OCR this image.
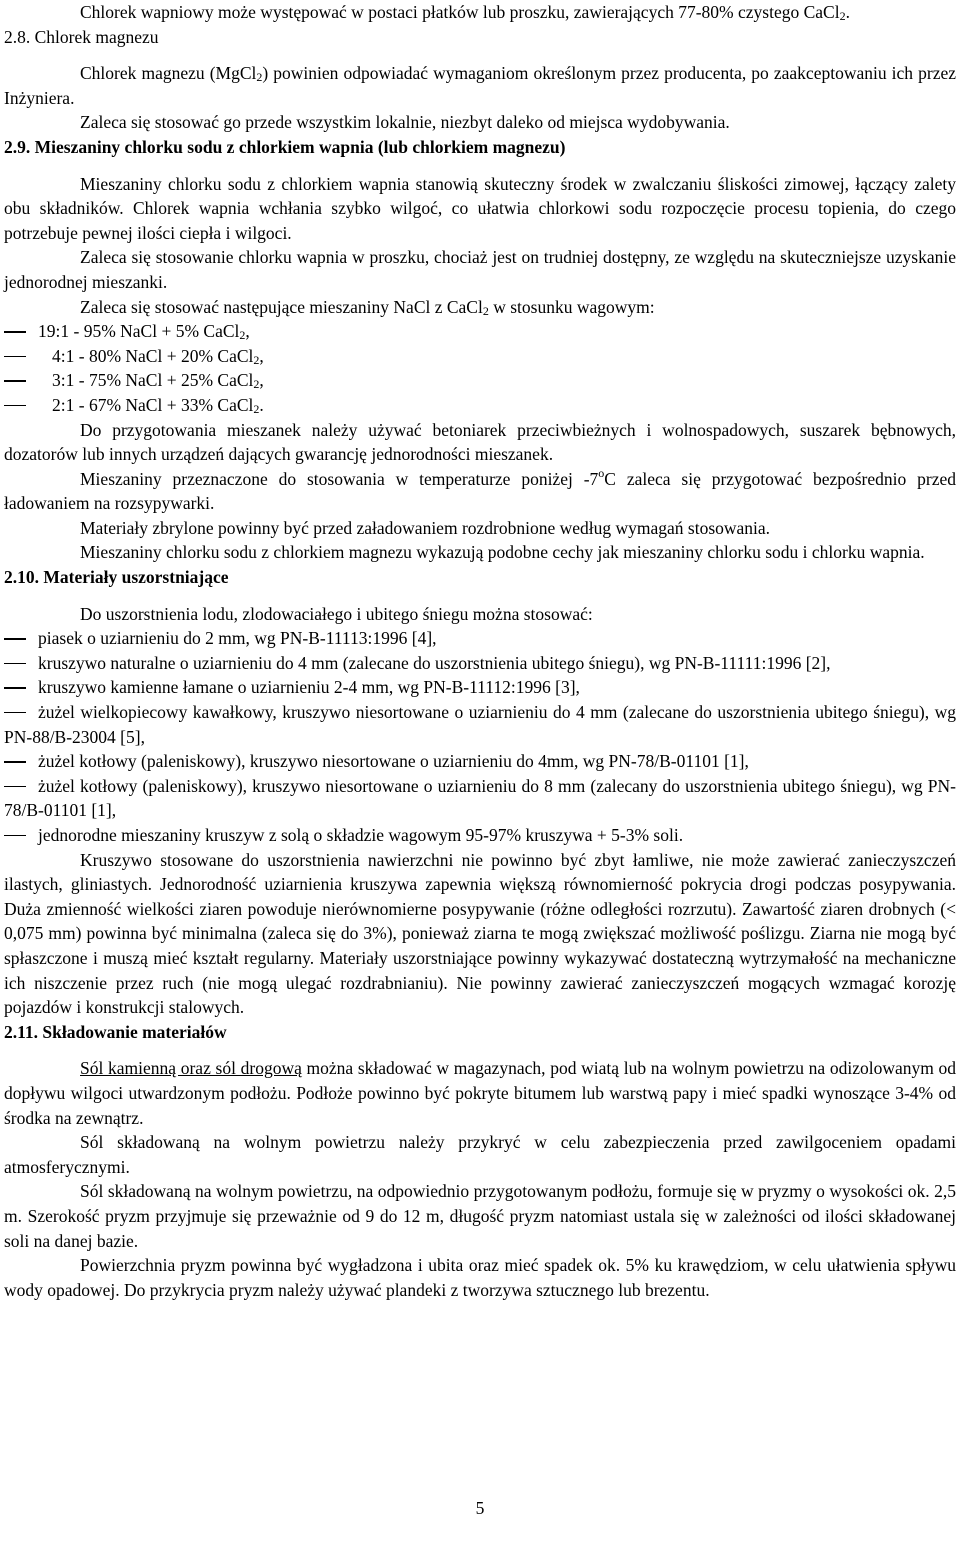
Chlorek wapniowy może występować w postaci płatków lub proszku, zawierających 77-80% czystego CaCl2.

2.8. Chlorek magnezu

Chlorek magnezu (MgCl2) powinien odpowiadać wymaganiom określonym przez producenta, po zaakceptowaniu ich przez Inżyniera.

Zaleca się stosować go przede wszystkim lokalnie, niezbyt daleko od miejsca wydobywania.

2.9. Mieszaniny chlorku sodu z chlorkiem wapnia (lub chlorkiem magnezu)

Mieszaniny chlorku sodu z chlorkiem wapnia stanowią skuteczny środek w zwalczaniu śliskości zimowej, łączący zalety obu składników. Chlorek wapnia wchłania szybko wilgoć, co ułatwia chlorkowi sodu rozpoczęcie procesu topienia, do czego potrzebuje pewnej ilości ciepła i wilgoci.

Zaleca się stosowanie chlorku wapnia w proszku, chociaż jest on trudniej dostępny, ze względu na skuteczniejsze uzyskanie jednorodnej mieszanki.

Zaleca się stosować następujące mieszaniny NaCl z CaCl2 w stosunku wagowym:

19:1 - 95% NaCl + 5% CaCl2,
4:1 - 80% NaCl + 20% CaCl2,
3:1 - 75% NaCl + 25% CaCl2,
2:1 - 67% NaCl + 33% CaCl2.

Do przygotowania mieszanek należy używać betoniarek przeciwbieżnych i wolnospadowych, suszarek bębnowych, dozatorów lub innych urządzeń dających gwarancję jednorodności mieszanek.

Mieszaniny przeznaczone do stosowania w temperaturze poniżej -7$^o$C zaleca się przygotować bezpośrednio przed ładowaniem na rozsypywarki.

Materiały zbrylone powinny być przed załadowaniem rozdrobnione według wymagań stosowania.

Mieszaniny chlorku sodu z chlorkiem magnezu wykazują podobne cechy jak mieszaniny chlorku sodu i chlorku wapnia.

2.10. Materiały uszorstniające

Do uszorstnienia lodu, zlodowaciałego i ubitego śniegu można stosować:

piasek o uziarnieniu do 2 mm, wg PN-B-11113:1996 [4],
kruszywo naturalne o uziarnieniu do 4 mm (zalecane do uszorstnienia ubitego śniegu), wg PN-B-11111:1996 [2],
kruszywo kamienne łamane o uziarnieniu 2-4 mm, wg PN-B-11112:1996 [3],
żużel wielkopiecowy kawałkowy, kruszywo niesortowane o uziarnieniu do 4 mm (zalecane do uszorstnienia ubitego śniegu), wg PN-88/B-23004 [5],
żużel kotłowy (paleniskowy), kruszywo niesortowane o uziarnieniu do 4mm, wg PN-78/B-01101 [1],
żużel kotłowy (paleniskowy), kruszywo niesortowane o uziarnieniu do 8 mm (zalecany do uszorstnienia ubitego śniegu), wg PN-78/B-01101 [1],
jednorodne mieszaniny kruszyw z solą o składzie wagowym 95-97% kruszywa + 5-3% soli.

Kruszywo stosowane do uszorstnienia nawierzchni nie powinno być zbyt łamliwe, nie może zawierać zanieczyszczeń ilastych, gliniastych. Jednorodność uziarnienia kruszywa zapewnia większą równomierność pokrycia drogi podczas posypywania. Duża zmienność wielkości ziaren powoduje nierównomierne posypywanie (różne odległości rozrzutu). Zawartość ziaren drobnych (< 0,075 mm) powinna być minimalna (zaleca się do 3%), ponieważ ziarna te mogą zwiększać możliwość poślizgu. Ziarna nie mogą być spłaszczone i muszą mieć kształt regularny. Materiały uszorstniające powinny wykazywać dostateczną wytrzymałość na mechaniczne ich niszczenie przez ruch (nie mogą ulegać rozdrabnianiu). Nie powinny zawierać zanieczyszczeń mogących wzmagać korozję pojazdów i konstrukcji stalowych.

2.11. Składowanie materiałów

Sól kamienną oraz sól drogową można składować w magazynach, pod wiatą lub na wolnym powietrzu na odizolowanym od dopływu wilgoci utwardzonym podłożu. Podłoże powinno być pokryte bitumem lub warstwą papy i mieć spadki wynoszące 3-4% od środka na zewnątrz.

Sól składowaną na wolnym powietrzu należy przykryć w celu zabezpieczenia przed zawilgoceniem opadami atmosferycznymi.

Sól składowaną na wolnym powietrzu, na odpowiednio przygotowanym podłożu, formuje się w pryzmy o wysokości ok. 2,5 m. Szerokość pryzm przyjmuje się przeważnie od 9 do 12 m, długość pryzm natomiast ustala się w zależności od ilości składowanej soli na danej bazie.

Powierzchnia pryzm powinna być wygładzona i ubita oraz mieć spadek ok. 5% ku krawędziom, w celu ułatwienia spływu wody opadowej. Do przykrycia pryzm należy używać plandeki z tworzywa sztucznego lub brezentu.

5
